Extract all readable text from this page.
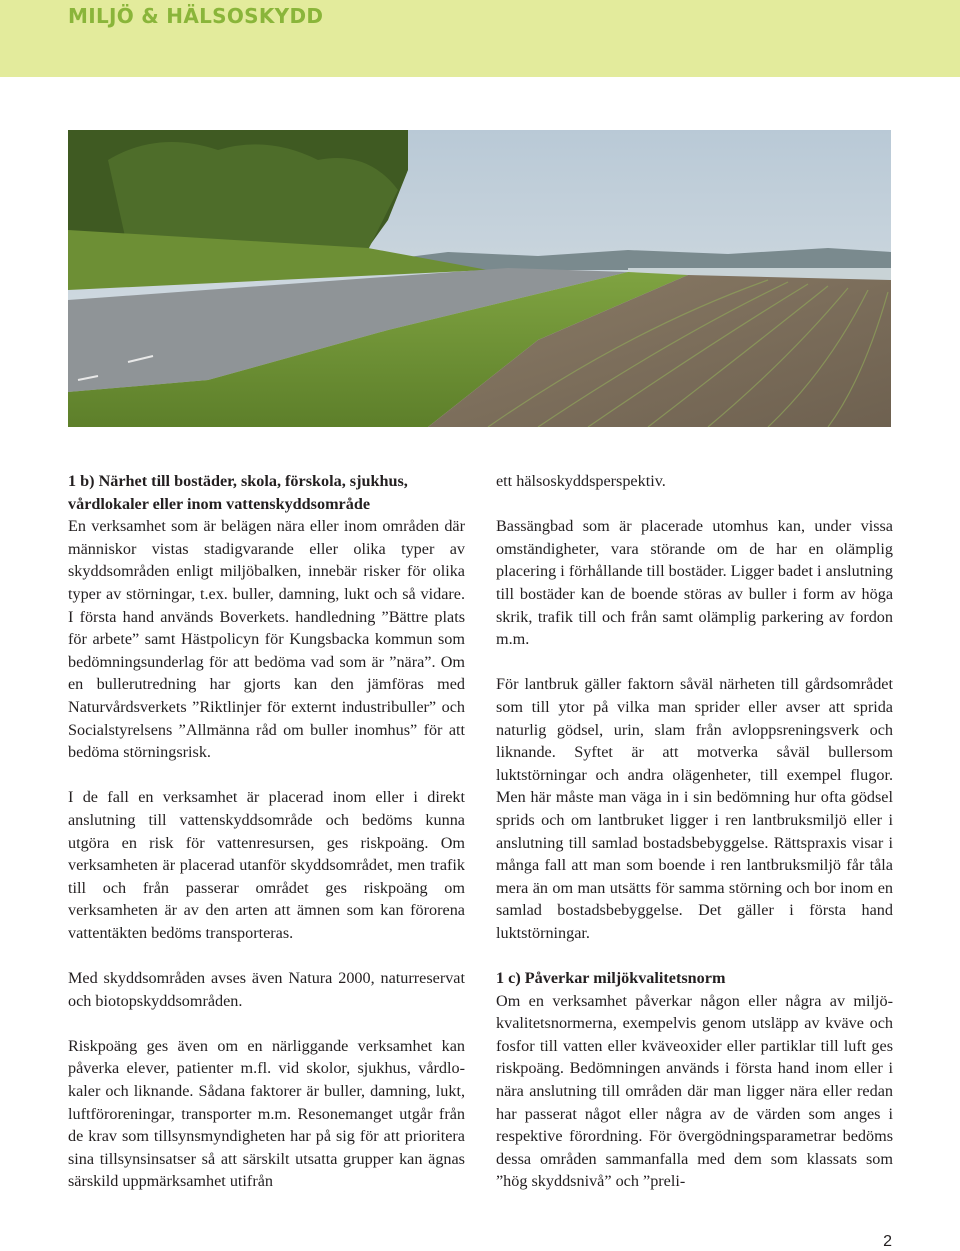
MILJÖ & HÄLSOSKYDD
1 b) Närhet till bostäder, skola, förskola, sjukhus, vårdlokaler eller inom vattenskyddsområde

En verksamhet som är belägen nära eller inom områden där människor vistas stadigvarande eller olika typer av skyddsområden enligt miljöbalken, innebär risker för olika typer av störningar, t.ex. buller, damning, lukt och så vidare. I första hand används Boverkets. handledning ”Bättre plats för arbete” samt Hästpolicyn för Kungsbacka kommun som bedömningsunderlag för att bedöma vad som är ”nära”. Om en bullerutredning har gjorts kan den jämföras med Naturvårdsverkets ”Riktlinjer för externt industribuller” och Socialstyrelsens ”Allmänna råd om buller inomhus” för att bedöma störningsrisk.

I de fall en verksamhet är placerad inom eller i direkt anslutning till vattenskyddsområde och bedöms kunna utgöra en risk för vattenresursen, ges riskpoäng. Om verksamheten är placerad utanför skyddsområdet, men trafik till och från passerar området ges riskpoäng om verksamheten är av den arten att ämnen som kan förorena vattentäkten bedöms transporteras.

Med skyddsområden avses även Natura 2000, naturreservat och biotopskyddsområden.

Riskpoäng ges även om en närliggande verksamhet kan påverka elever, patienter m.fl. vid skolor, sjukhus, vårdlokaler och liknande. Sådana faktorer är buller, damning, lukt, luftföroreningar, transporter m.m. Resonemanget utgår från de krav som tillsynsmyndigheten har på sig för att prioritera sina tillsynsinsatser så att särskilt utsatta grupper kan ägnas särskild uppmärksamhet utifrån

ett hälsoskyddsperspektiv.

Bassängbad som är placerade utomhus kan, under vissa omständigheter, vara störande om de har en olämplig placering i förhållande till bostäder. Ligger badet i anslutning till bostäder kan de boende störas av buller i form av höga skrik, trafik till och från samt olämplig parkering av fordon m.m.

För lantbruk gäller faktorn såväl närheten till gårdsområdet som till ytor på vilka man sprider eller avser att sprida naturlig gödsel, urin, slam från avloppsreningsverk och liknande. Syftet är att motverka såväl bullersom luktstörningar och andra olägenheter, till exempel flugor. Men här måste man väga in i sin bedömning hur ofta gödsel sprids och om lantbruket ligger i ren lantbruksmiljö eller i anslutning till samlad bostadsbebyggelse. Rättspraxis visar i många fall att man som boende i ren lantbruksmiljö får tåla mera än om man utsätts för samma störning och bor inom en samlad bostadsbebyggelse. Det gäller i första hand luktstörningar.

1 c) Påverkar miljökvalitetsnorm

Om en verksamhet påverkar någon eller några av miljökvalitetsnormerna, exempelvis genom utsläpp av kväve och fosfor till vatten eller kväveoxider eller partiklar till luft ges riskpoäng. Bedömningen används i första hand inom eller i nära anslutning till områden där man ligger nära eller redan har passerat något eller några av de värden som anges i respektive förordning. För övergödningsparametrar bedöms dessa områden sammanfalla med dem som klassats som ”hög skyddsnivå” och ”preli-

2
